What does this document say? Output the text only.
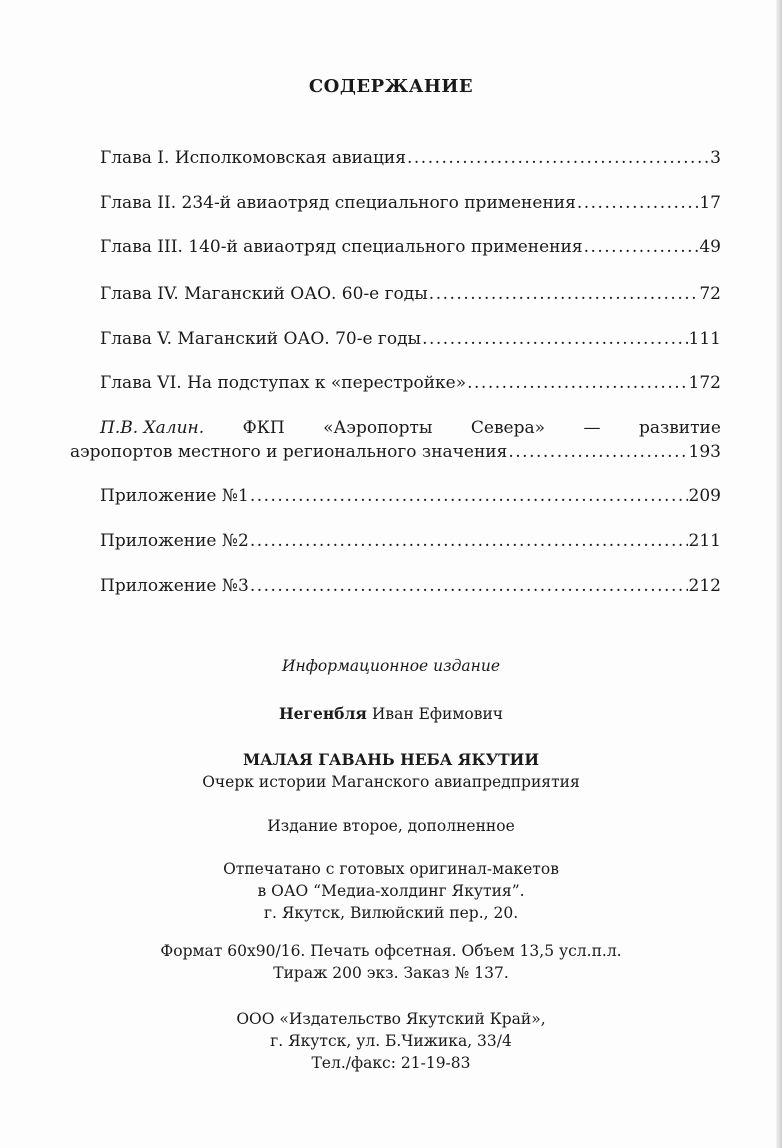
СОДЕРЖАНИЕ
Глава I. Исполкомовская авиация .....	3
Глава II. 234-й авиаотряд специального применения .....	17
Глава III. 140-й авиаотряд специального применения .....	49
Глава IV. Маганский ОАО. 60-е годы .....	72
Глава V. Маганский ОАО. 70-е годы .....	111
Глава VI. На подступах к «перестройке» .....	172
П.В. Халин. ФКП «Аэропорты Севера» — развитие
аэропортов местного и регионального значения .....	193
Приложение №1 .....	209
Приложение №2 .....	211
Приложение №3 .....	212
Информационное издание
Негенбля Иван Ефимович
МАЛАЯ ГАВАНЬ НЕБА ЯКУТИИ
Очерк истории Маганского авиапредприятия
Издание второе, дополненное
Отпечатано с готовых оригинал-макетов
в ОАО “Медиа-холдинг Якутия”.
г. Якутск, Вилюйский пер., 20.
Формат 60х90/16. Печать офсетная. Объем 13,5 усл.п.л.
Тираж 200 экз. Заказ № 137.
ООО «Издательство Якутский Край»,
г. Якутск, ул. Б.Чижика, 33/4
Тел./факс: 21-19-83
